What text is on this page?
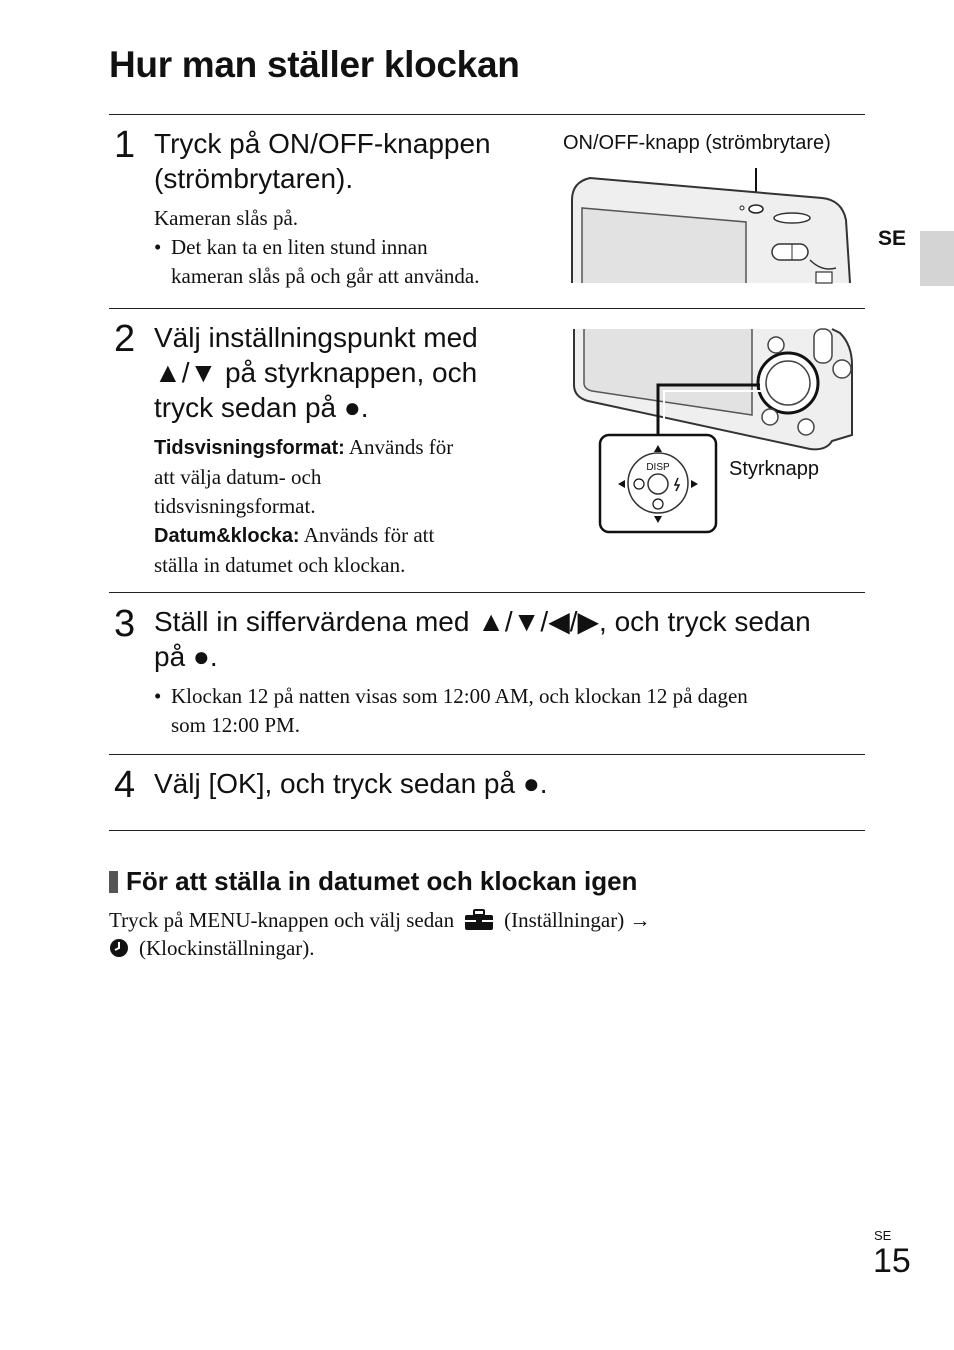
Hur man ställer klockan
SE
1 Tryck på ON/OFF-knappen
(strömbrytaren).
Kameran slås på.
• Det kan ta en liten stund innan
kameran slås på och går att använda.
ON/OFF-knapp (strömbrytare)
2 Välj inställningspunkt med
▲/▼ på styrknappen, och
tryck sedan på ●.
Tidsvisningsformat: Används för
att välja datum- och
tidsvisningsformat.
Datum&klocka: Används för att
ställa in datumet och klockan.
DISP	Styrknapp
3 Ställ in siffervärdena med ▲/▼/◀/▶, och tryck sedan
på ●.
• Klockan 12 på natten visas som 12:00 AM, och klockan 12 på dagen
som 12:00 PM.
4 Välj [OK], och tryck sedan på ●.
För att ställa in datumet och klockan igen
Tryck på MENU-knappen och välj sedan (Inställningar) →
(Klockinställningar).
SE
15
